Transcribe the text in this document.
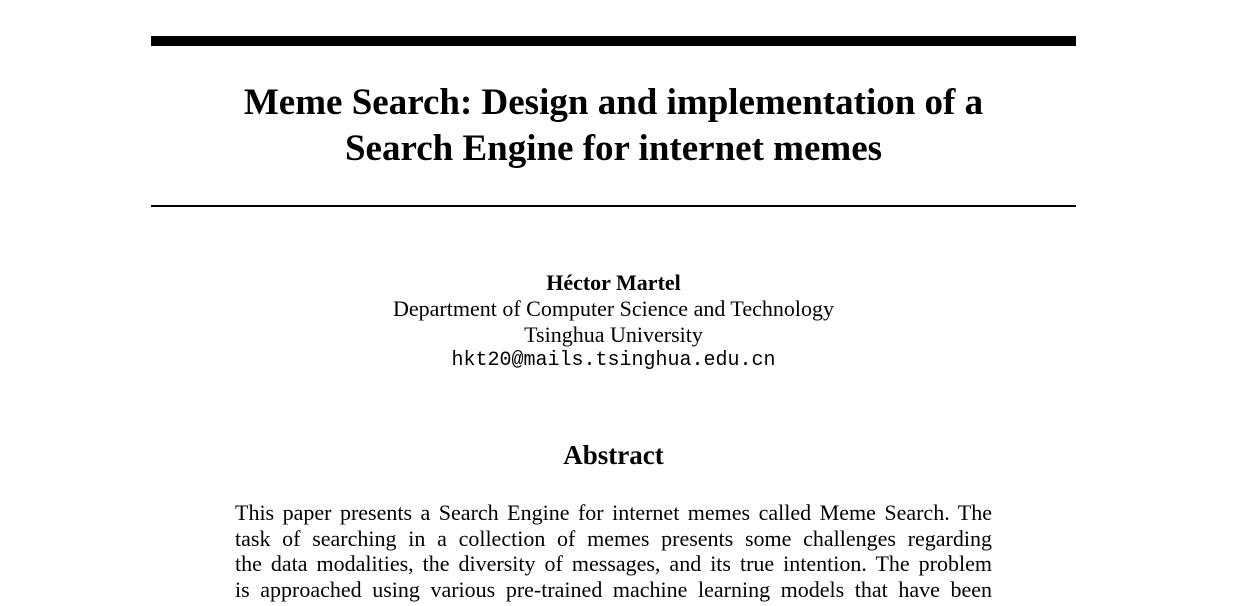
Meme Search: Design and implementation of a
Search Engine for internet memes
Héctor Martel
Department of Computer Science and Technology
Tsinghua University
hkt20@mails.tsinghua.edu.cn
Abstract
This paper presents a Search Engine for internet memes called Meme Search. The
task of searching in a collection of memes presents some challenges regarding
the data modalities, the diversity of messages, and its true intention. The problem
is approached using various pre-trained machine learning models that have been
